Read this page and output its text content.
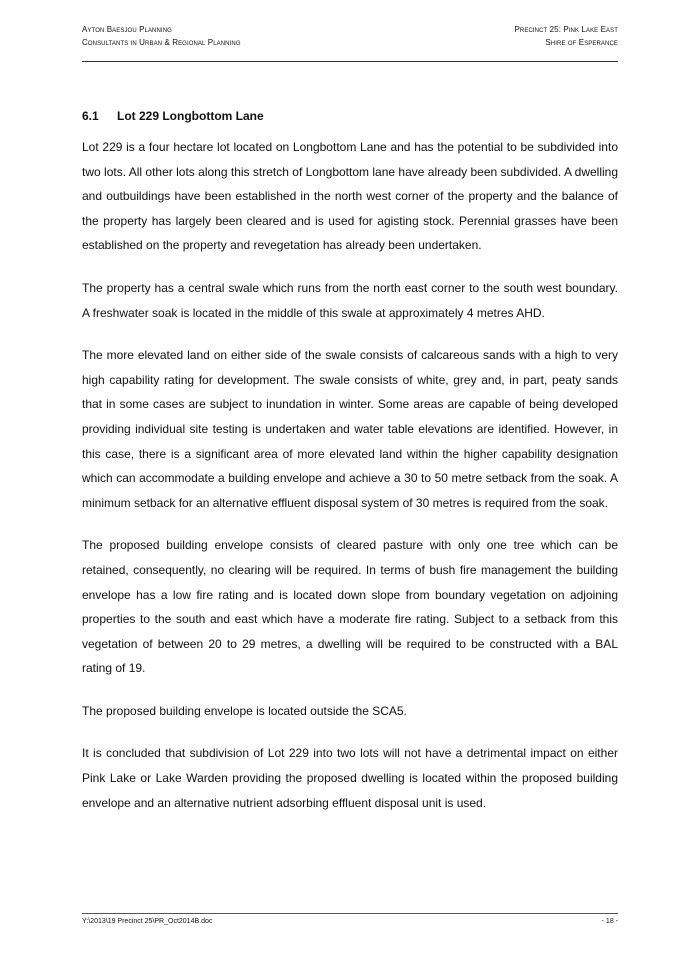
Ayton Baesjou Planning
Consultants in Urban & Regional Planning
Precinct 25: Pink Lake East
Shire of Esperance
6.1 Lot 229 Longbottom Lane

Lot 229 is a four hectare lot located on Longbottom Lane and has the potential to be subdivided into two lots. All other lots along this stretch of Longbottom lane have already been subdivided. A dwelling and outbuildings have been established in the north west corner of the property and the balance of the property has largely been cleared and is used for agisting stock. Perennial grasses have been established on the property and revegetation has already been undertaken.

The property has a central swale which runs from the north east corner to the south west boundary. A freshwater soak is located in the middle of this swale at approximately 4 metres AHD.

The more elevated land on either side of the swale consists of calcareous sands with a high to very high capability rating for development. The swale consists of white, grey and, in part, peaty sands that in some cases are subject to inundation in winter. Some areas are capable of being developed providing individual site testing is undertaken and water table elevations are identified. However, in this case, there is a significant area of more elevated land within the higher capability designation which can accommodate a building envelope and achieve a 30 to 50 metre setback from the soak. A minimum setback for an alternative effluent disposal system of 30 metres is required from the soak.

The proposed building envelope consists of cleared pasture with only one tree which can be retained, consequently, no clearing will be required. In terms of bush fire management the building envelope has a low fire rating and is located down slope from boundary vegetation on adjoining properties to the south and east which have a moderate fire rating. Subject to a setback from this vegetation of between 20 to 29 metres, a dwelling will be required to be constructed with a BAL rating of 19.

The proposed building envelope is located outside the SCA5.

It is concluded that subdivision of Lot 229 into two lots will not have a detrimental impact on either Pink Lake or Lake Warden providing the proposed dwelling is located within the proposed building envelope and an alternative nutrient adsorbing effluent disposal unit is used.

Y:\2013\19 Precinct 25\PR_Oct2014B.doc	- 18 -
